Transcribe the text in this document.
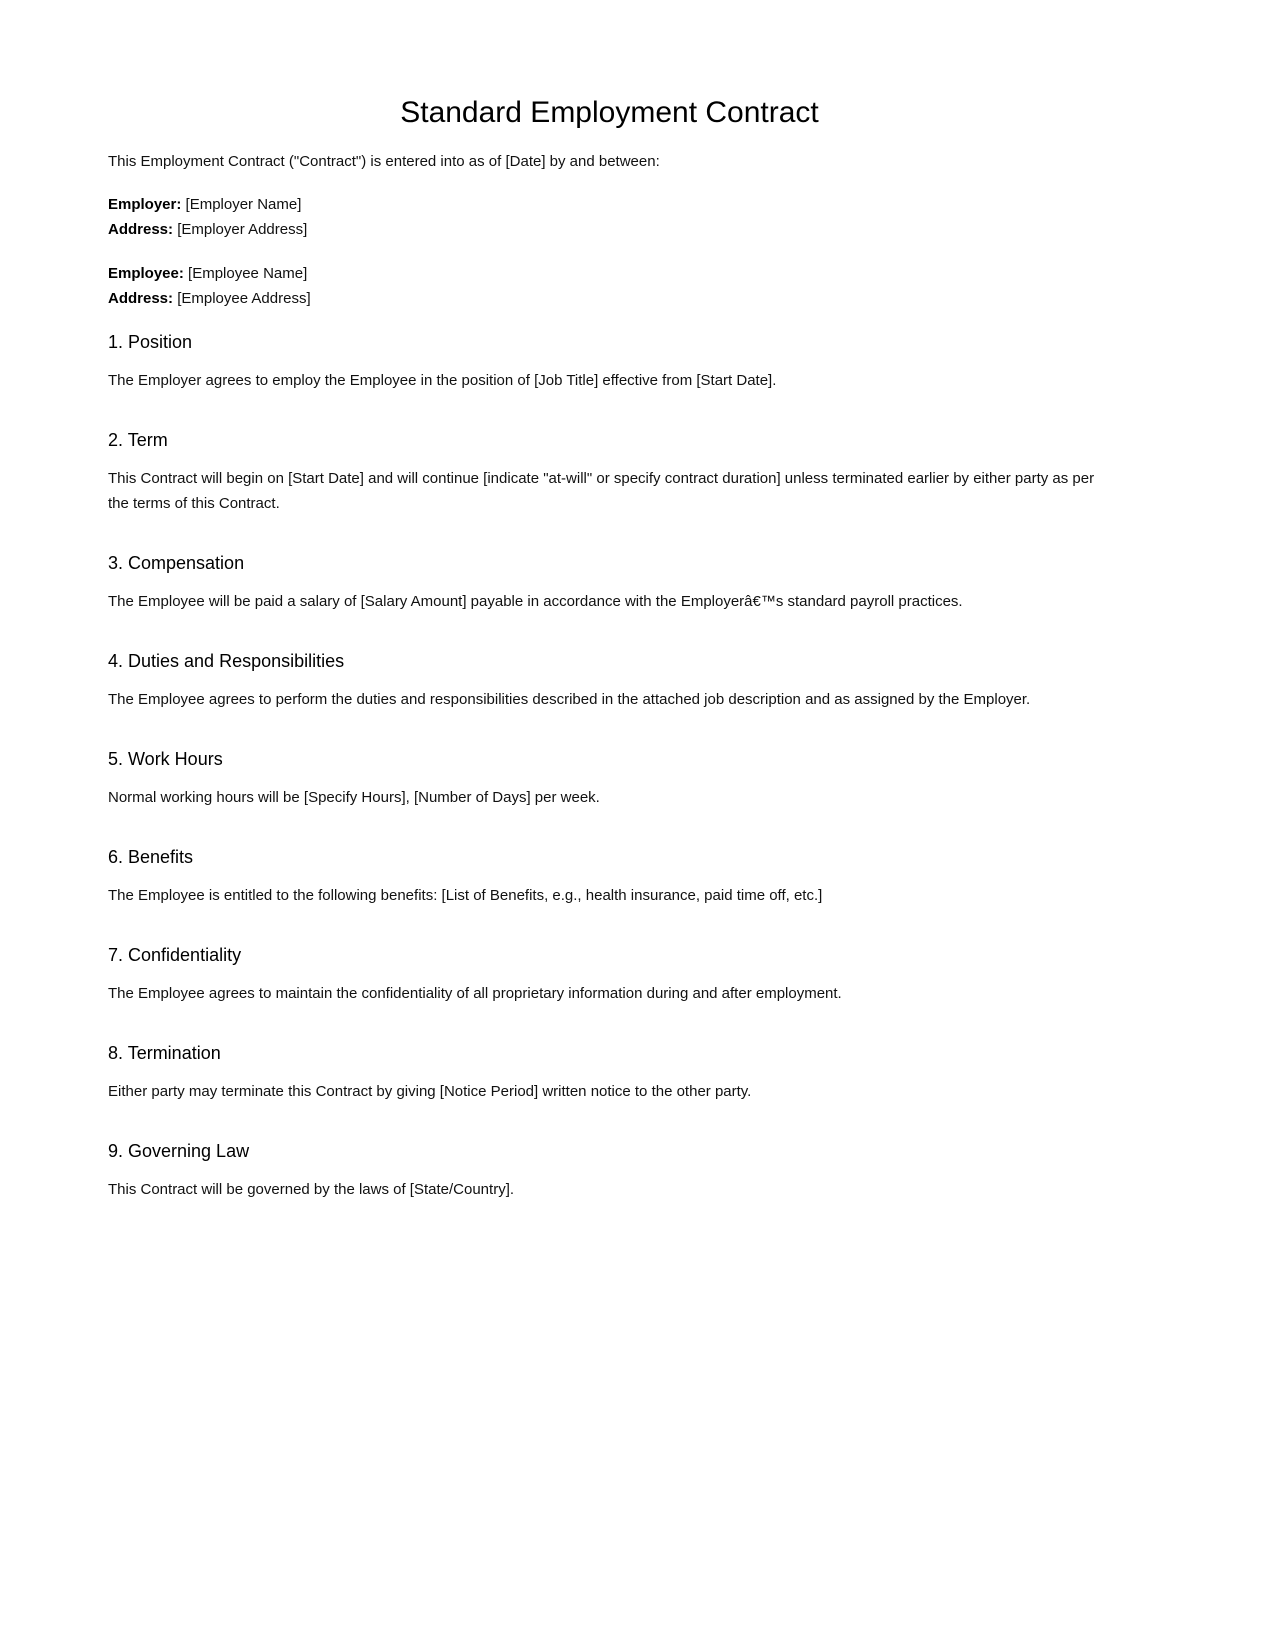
Standard Employment Contract

This Employment Contract ("Contract") is entered into as of [Date] by and between:

Employer: [Employer Name]

Address: [Employer Address]

Employee: [Employee Name]

Address: [Employee Address]

1. Position

The Employer agrees to employ the Employee in the position of [Job Title] effective from [Start Date].

2. Term

This Contract will begin on [Start Date] and will continue [indicate "at-will" or specify contract duration] unless terminated earlier by either party as per the terms of this Contract.

3. Compensation

The Employee will be paid a salary of [Salary Amount] payable in accordance with the Employerâ€™s standard payroll practices.

4. Duties and Responsibilities

The Employee agrees to perform the duties and responsibilities described in the attached job description and as assigned by the Employer.

5. Work Hours

Normal working hours will be [Specify Hours], [Number of Days] per week.

6. Benefits

The Employee is entitled to the following benefits: [List of Benefits, e.g., health insurance, paid time off, etc.]

7. Confidentiality

The Employee agrees to maintain the confidentiality of all proprietary information during and after employment.

8. Termination

Either party may terminate this Contract by giving [Notice Period] written notice to the other party.

9. Governing Law

This Contract will be governed by the laws of [State/Country].
